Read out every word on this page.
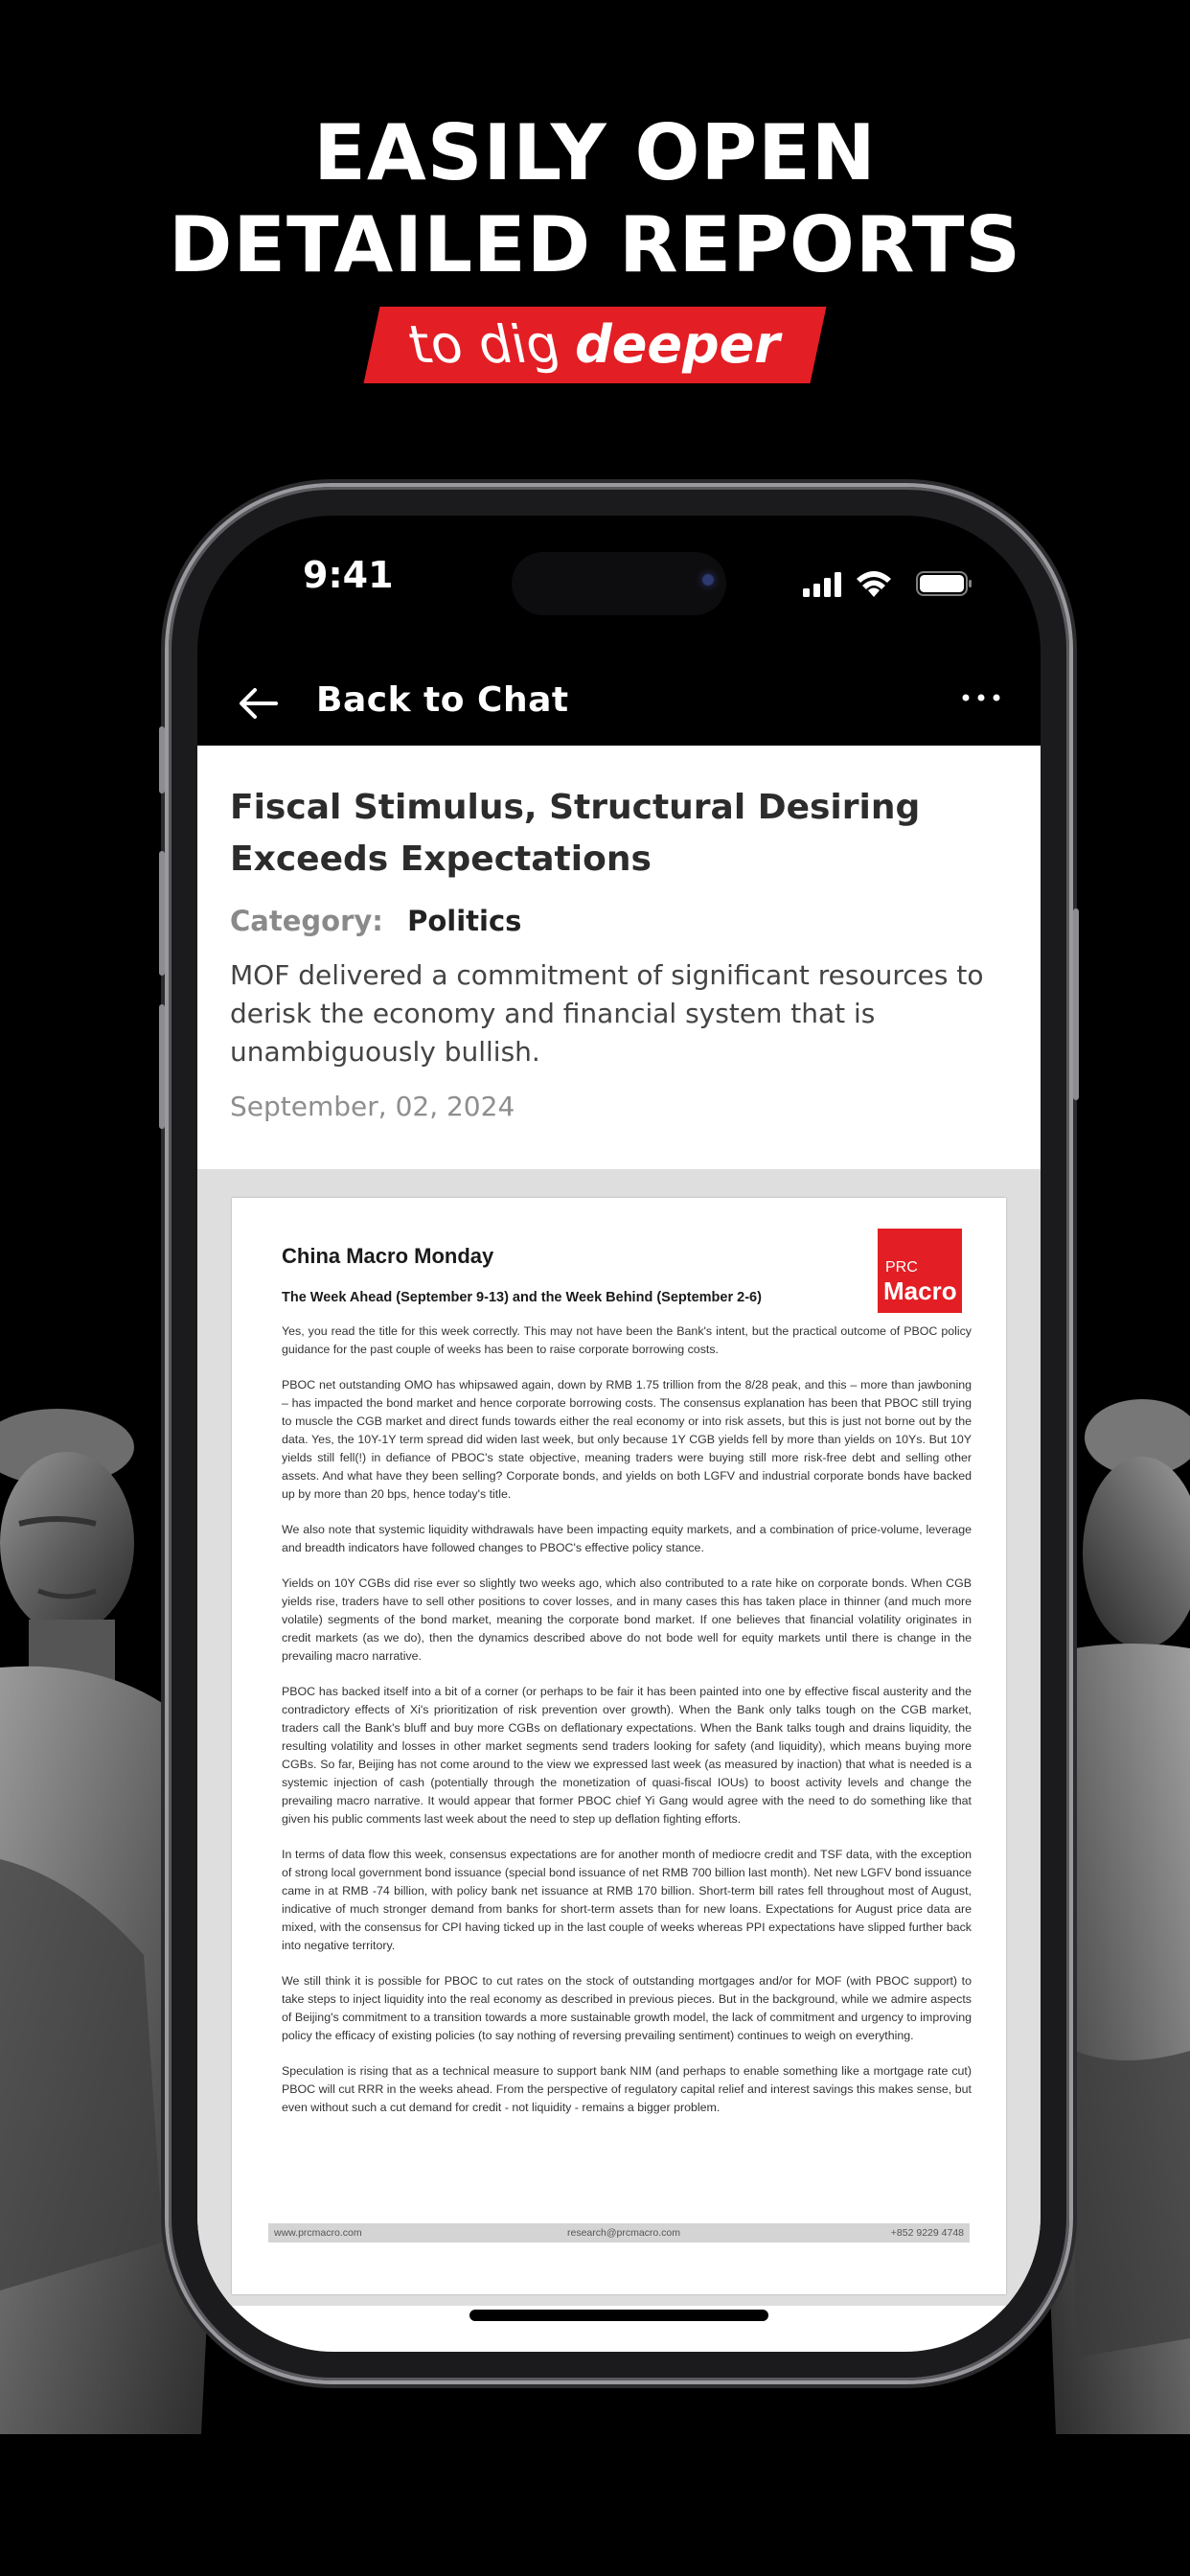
EASILY OPEN
DETAILED REPORTS
to dig deeper
9:41
Back to Chat
Fiscal Stimulus, Structural Desiring Exceeds Expectations
Category: Politics
MOF delivered a commitment of significant resources to derisk the economy and financial system that is unambiguously bullish.
September, 02, 2024
PRC
Macro
China Macro Monday
The Week Ahead (September 9-13) and the Week Behind (September 2-6)
Yes, you read the title for this week correctly. This may not have been the Bank's intent, but the practical outcome of PBOC policy guidance for the past couple of weeks has been to raise corporate borrowing costs.
PBOC net outstanding OMO has whipsawed again, down by RMB 1.75 trillion from the 8/28 peak, and this – more than jawboning – has impacted the bond market and hence corporate borrowing costs. The consensus explanation has been that PBOC still trying to muscle the CGB market and direct funds towards either the real economy or into risk assets, but this is just not borne out by the data. Yes, the 10Y-1Y term spread did widen last week, but only because 1Y CGB yields fell by more than yields on 10Ys. But 10Y yields still fell(!) in defiance of PBOC's state objective, meaning traders were buying still more risk-free debt and selling other assets. And what have they been selling? Corporate bonds, and yields on both LGFV and industrial corporate bonds have backed up by more than 20 bps, hence today's title.
We also note that systemic liquidity withdrawals have been impacting equity markets, and a combination of price-volume, leverage and breadth indicators have followed changes to PBOC's effective policy stance.
Yields on 10Y CGBs did rise ever so slightly two weeks ago, which also contributed to a rate hike on corporate bonds. When CGB yields rise, traders have to sell other positions to cover losses, and in many cases this has taken place in thinner (and much more volatile) segments of the bond market, meaning the corporate bond market. If one believes that financial volatility originates in credit markets (as we do), then the dynamics described above do not bode well for equity markets until there is change in the prevailing macro narrative.
PBOC has backed itself into a bit of a corner (or perhaps to be fair it has been painted into one by effective fiscal austerity and the contradictory effects of Xi's prioritization of risk prevention over growth). When the Bank only talks tough on the CGB market, traders call the Bank's bluff and buy more CGBs on deflationary expectations. When the Bank talks tough and drains liquidity, the resulting volatility and losses in other market segments send traders looking for safety (and liquidity), which means buying more CGBs. So far, Beijing has not come around to the view we expressed last week (as measured by inaction) that what is needed is a systemic injection of cash (potentially through the monetization of quasi-fiscal IOUs) to boost activity levels and change the prevailing macro narrative. It would appear that former PBOC chief Yi Gang would agree with the need to do something like that given his public comments last week about the need to step up deflation fighting efforts.
In terms of data flow this week, consensus expectations are for another month of mediocre credit and TSF data, with the exception of strong local government bond issuance (special bond issuance of net RMB 700 billion last month). Net new LGFV bond issuance came in at RMB -74 billion, with policy bank net issuance at RMB 170 billion. Short-term bill rates fell throughout most of August, indicative of much stronger demand from banks for short-term assets than for new loans. Expectations for August price data are mixed, with the consensus for CPI having ticked up in the last couple of weeks whereas PPI expectations have slipped further back into negative territory.
We still think it is possible for PBOC to cut rates on the stock of outstanding mortgages and/or for MOF (with PBOC support) to take steps to inject liquidity into the real economy as described in previous pieces. But in the background, while we admire aspects of Beijing's commitment to a transition towards a more sustainable growth model, the lack of commitment and urgency to improving policy the efficacy of existing policies (to say nothing of reversing prevailing sentiment) continues to weigh on everything.
Speculation is rising that as a technical measure to support bank NIM (and perhaps to enable something like a mortgage rate cut) PBOC will cut RRR in the weeks ahead. From the perspective of regulatory capital relief and interest savings this makes sense, but even without such a cut demand for credit - not liquidity - remains a bigger problem.
www.prcmacro.com	research@prcmacro.com	+852 9229 4748
